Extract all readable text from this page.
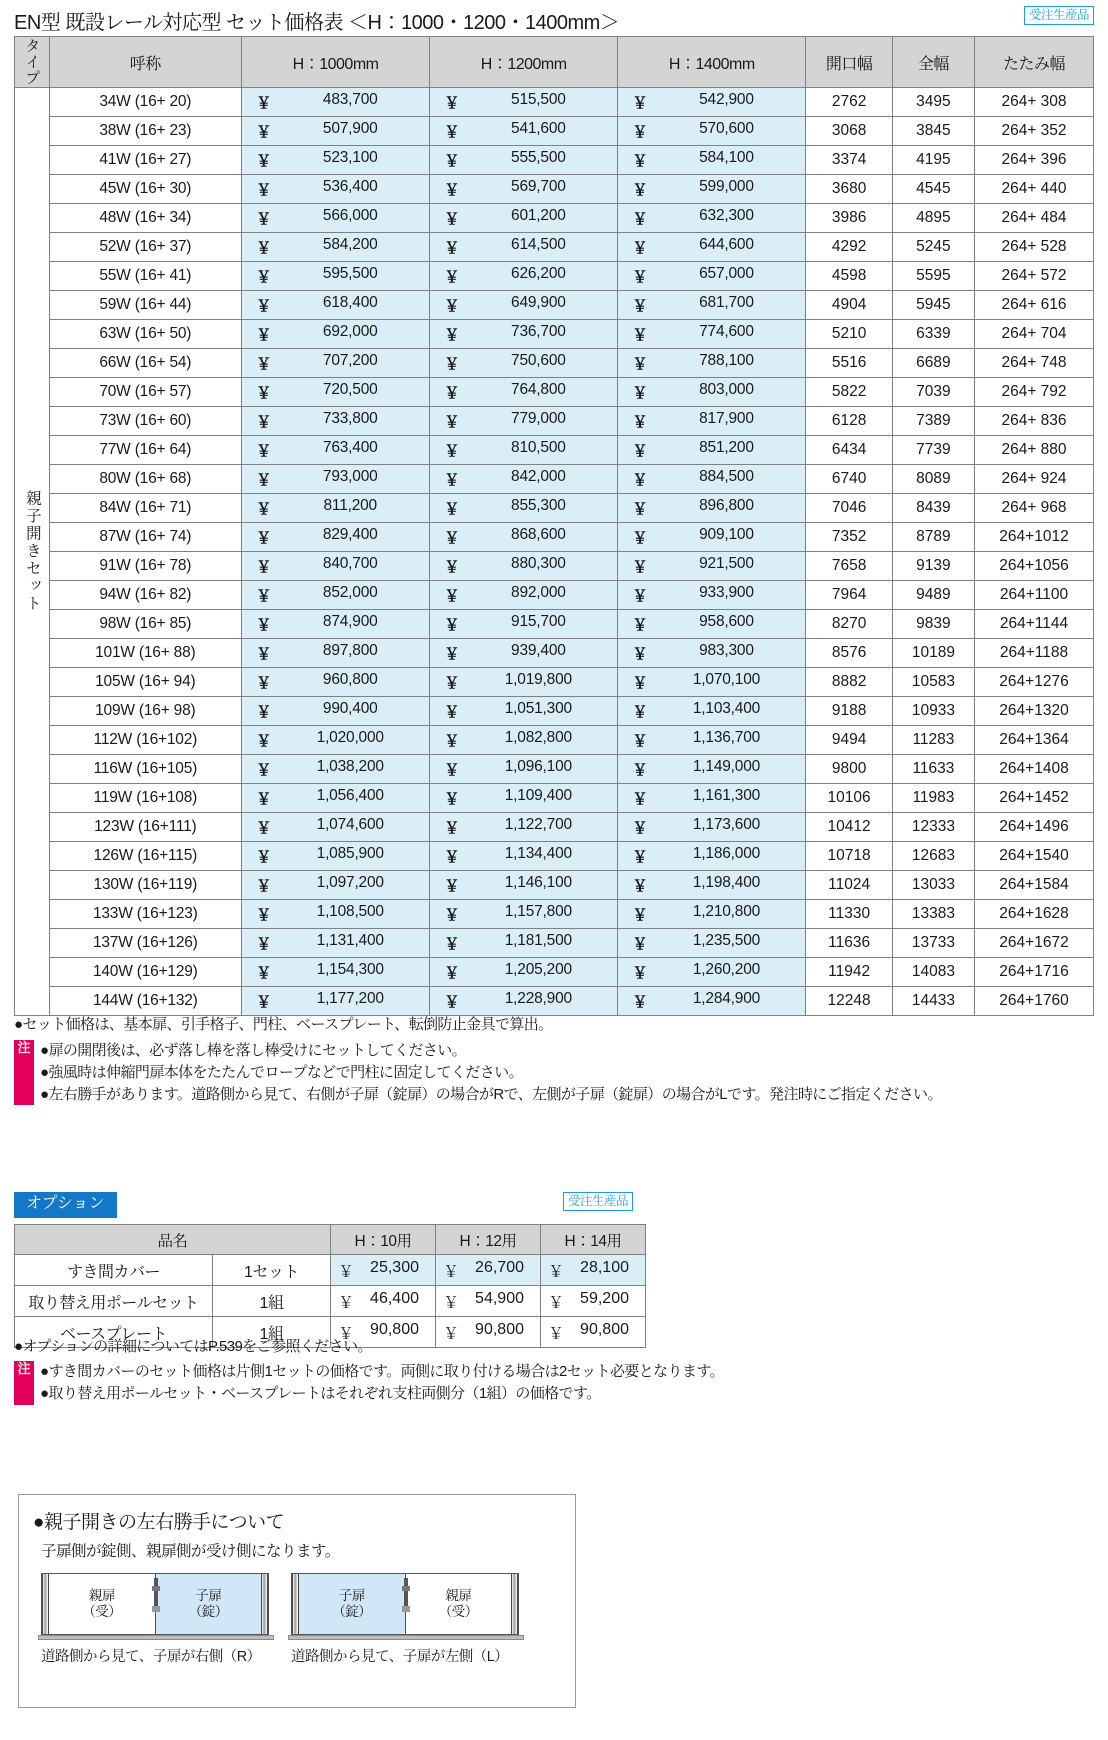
EN型 既設レール対応型 セット価格表 ＜H：1000・1200・1400mm＞	受注生産品
タイプ	呼称	H：1000mm	H：1200mm	H：1400mm	開口幅	全幅	たたみ幅

親子開きセット	34W (16+ 20)	￥ 483,700	￥ 515,500	￥ 542,900	2762	3495	264+ 308
	38W (16+ 23)	￥ 507,900	￥ 541,600	￥ 570,600	3068	3845	264+ 352
	41W (16+ 27)	￥ 523,100	￥ 555,500	￥ 584,100	3374	4195	264+ 396
	45W (16+ 30)	￥ 536,400	￥ 569,700	￥ 599,000	3680	4545	264+ 440
	48W (16+ 34)	￥ 566,000	￥ 601,200	￥ 632,300	3986	4895	264+ 484
	52W (16+ 37)	￥ 584,200	￥ 614,500	￥ 644,600	4292	5245	264+ 528
	55W (16+ 41)	￥ 595,500	￥ 626,200	￥ 657,000	4598	5595	264+ 572
	59W (16+ 44)	￥ 618,400	￥ 649,900	￥ 681,700	4904	5945	264+ 616
	63W (16+ 50)	￥ 692,000	￥ 736,700	￥ 774,600	5210	6339	264+ 704
	66W (16+ 54)	￥ 707,200	￥ 750,600	￥ 788,100	5516	6689	264+ 748
	70W (16+ 57)	￥ 720,500	￥ 764,800	￥ 803,000	5822	7039	264+ 792
	73W (16+ 60)	￥ 733,800	￥ 779,000	￥ 817,900	6128	7389	264+ 836
	77W (16+ 64)	￥ 763,400	￥ 810,500	￥ 851,200	6434	7739	264+ 880
	80W (16+ 68)	￥ 793,000	￥ 842,000	￥ 884,500	6740	8089	264+ 924
	84W (16+ 71)	￥ 811,200	￥ 855,300	￥ 896,800	7046	8439	264+ 968
	87W (16+ 74)	￥ 829,400	￥ 868,600	￥ 909,100	7352	8789	264+1012
	91W (16+ 78)	￥ 840,700	￥ 880,300	￥ 921,500	7658	9139	264+1056
	94W (16+ 82)	￥ 852,000	￥ 892,000	￥ 933,900	7964	9489	264+1100
	98W (16+ 85)	￥ 874,900	￥ 915,700	￥ 958,600	8270	9839	264+1144
	101W (16+ 88)	￥ 897,800	￥ 939,400	￥ 983,300	8576	10189	264+1188
	105W (16+ 94)	￥ 960,800	￥ 1,019,800	￥ 1,070,100	8882	10583	264+1276
	109W (16+ 98)	￥ 990,400	￥ 1,051,300	￥ 1,103,400	9188	10933	264+1320
	112W (16+102)	￥ 1,020,000	￥ 1,082,800	￥ 1,136,700	9494	11283	264+1364
	116W (16+105)	￥ 1,038,200	￥ 1,096,100	￥ 1,149,000	9800	11633	264+1408
	119W (16+108)	￥ 1,056,400	￥ 1,109,400	￥ 1,161,300	10106	11983	264+1452
	123W (16+111)	￥ 1,074,600	￥ 1,122,700	￥ 1,173,600	10412	12333	264+1496
	126W (16+115)	￥ 1,085,900	￥ 1,134,400	￥ 1,186,000	10718	12683	264+1540
	130W (16+119)	￥ 1,097,200	￥ 1,146,100	￥ 1,198,400	11024	13033	264+1584
	133W (16+123)	￥ 1,108,500	￥ 1,157,800	￥ 1,210,800	11330	13383	264+1628
	137W (16+126)	￥ 1,131,400	￥ 1,181,500	￥ 1,235,500	11636	13733	264+1672
	140W (16+129)	￥ 1,154,300	￥ 1,205,200	￥ 1,260,200	11942	14083	264+1716
	144W (16+132)	￥ 1,177,200	￥ 1,228,900	￥ 1,284,900	12248	14433	264+1760
●セット価格は、基本扉、引手格子、門柱、ベースプレート、転倒防止金具で算出。
注 ●扉の開閉後は、必ず落し棒を落し棒受けにセットしてください。
●強風時は伸縮門扉本体をたたんでロープなどで門柱に固定してください。
●左右勝手があります。道路側から見て、右側が子扉（錠扉）の場合がRで、左側が子扉（錠扉）の場合がLです。発注時にご指定ください。
オプション	受注生産品
品名		H：10用	H：12用	H：14用
すき間カバー	1セット	￥ 25,300	￥ 26,700	￥ 28,100
取り替え用ポールセット	1組	￥ 46,400	￥ 54,900	￥ 59,200
ベースプレート	1組	￥ 90,800	￥ 90,800	￥ 90,800
●オプションの詳細についてはP.539をご参照ください。
注 ●すき間カバーのセット価格は片側1セットの価格です。両側に取り付ける場合は2セット必要となります。
●取り替え用ポールセット・ベースプレートはそれぞれ支柱両側分（1組）の価格です。
●親子開きの左右勝手について
子扉側が錠側、親扉側が受け側になります。
親扉
（受）
子扉
（錠）
道路側から見て、子扉が右側（R）
子扉
（錠）
親扉
（受）
道路側から見て、子扉が左側（L）
